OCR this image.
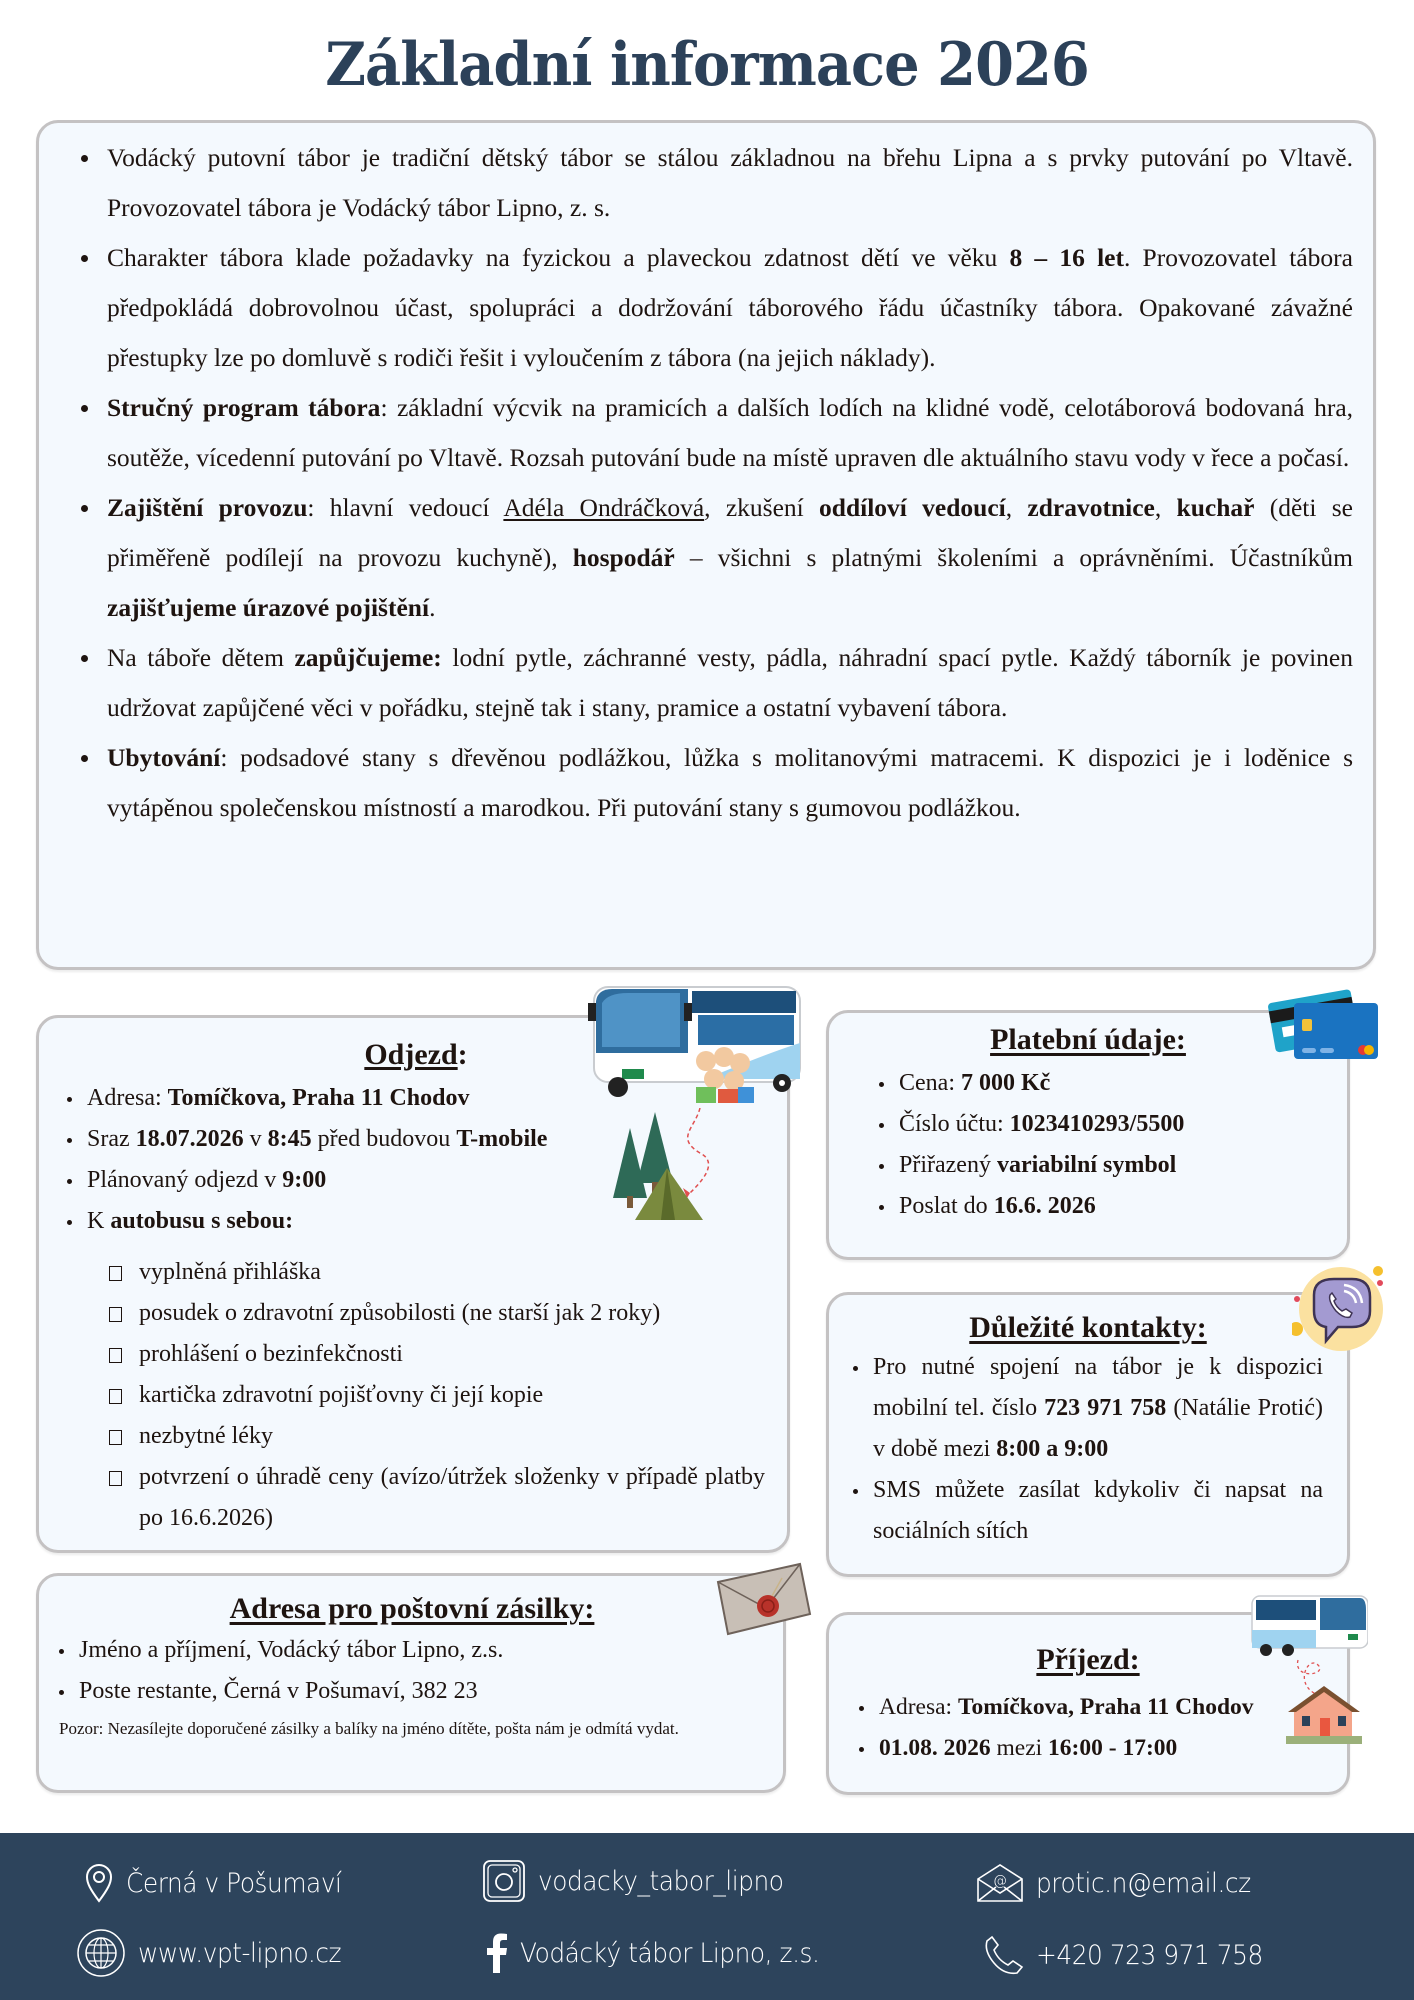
Základní informace 2026
Vodácký putovní tábor je tradiční dětský tábor se stálou základnou na břehu Lipna a s prvky putování po Vltavě. Provozovatel tábora je Vodácký tábor Lipno, z. s.
Charakter tábora klade požadavky na fyzickou a plaveckou zdatnost dětí ve věku 8 – 16 let. Provozovatel tábora předpokládá dobrovolnou účast, spolupráci a dodržování táborového řádu účastníky tábora. Opakované závažné přestupky lze po domluvě s rodiči řešit i vyloučením z tábora (na jejich náklady).
Stručný program tábora: základní výcvik na pramicích a dalších lodích na klidné vodě, celotáborová bodovaná hra, soutěže, vícedenní putování po Vltavě. Rozsah putování bude na místě upraven dle aktuálního stavu vody v řece a počasí.
Zajištění provozu: hlavní vedoucí Adéla Ondráčková, zkušení oddíloví vedoucí, zdravotnice, kuchař (děti se přiměřeně podílejí na provozu kuchyně), hospodář – všichni s platnými školeními a oprávněními. Účastníkům zajišťujeme úrazové pojištění.
Na táboře dětem zapůjčujeme: lodní pytle, záchranné vesty, pádla, náhradní spací pytle. Každý táborník je povinen udržovat zapůjčené věci v pořádku, stejně tak i stany, pramice a ostatní vybavení tábora.
Ubytování: podsadové stany s dřevěnou podlážkou, lůžka s molitanovými matracemi. K dispozici je i loděnice s vytápěnou společenskou místností a marodkou. Při putování stany s gumovou podlážkou.
Odjezd:
Adresa: Tomíčkova, Praha 11 Chodov
Sraz 18.07.2026 v 8:45 před budovou T-mobile
Plánovaný odjezd v 9:00
K autobusu s sebou:
vyplněná přihláška
posudek o zdravotní způsobilosti (ne starší jak 2 roky)
prohlášení o bezinfekčnosti
kartička zdravotní pojišťovny či její kopie
nezbytné léky
potvrzení o úhradě ceny (avízo/útržek složenky v případě platby po 16.6.2026)
Adresa pro poštovní zásilky:
Jméno a příjmení, Vodácký tábor Lipno, z.s.
Poste restante, Černá v Pošumaví, 382 23

Pozor: Nezasílejte doporučené zásilky a balíky na jméno dítěte, pošta nám je odmítá vydat.

Platební údaje:
Cena: 7 000 Kč
Číslo účtu: 1023410293/5500
Přiřazený variabilní symbol
Poslat do 16.6. 2026
Důležité kontakty:
Pro nutné spojení na tábor je k dispozici mobilní tel. číslo 723 971 758 (Natálie Protić) v době mezi 8:00 a 9:00
SMS můžete zasílat kdykoliv či napsat na sociálních sítích
Příjezd:
Adresa: Tomíčkova, Praha 11 Chodov
01.08. 2026 mezi 16:00 - 17:00
Černá v Pošumaví	vodacky_tabor_lipno	@ protic.n@email.cz
www.vpt-lipno.cz	Vodácký tábor Lipno, z.s.	+420 723 971 758
